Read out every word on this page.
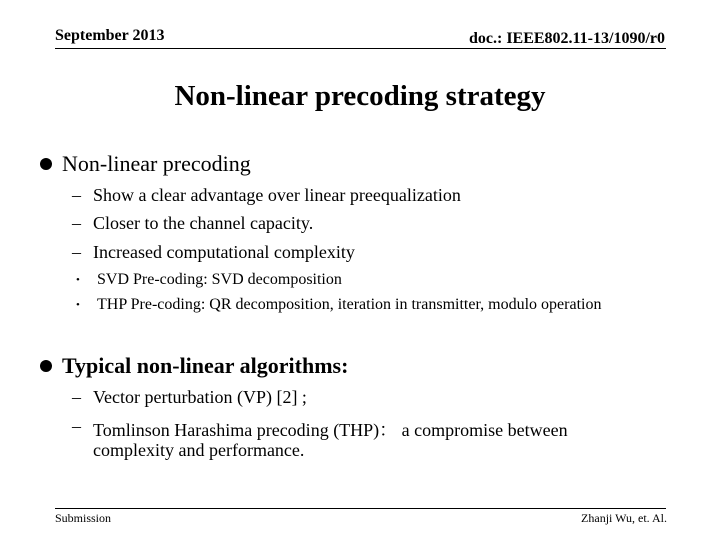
September 2013	doc.: IEEE802.11-13/1090/r0
Non-linear precoding strategy
Non-linear precoding
– Show a clear advantage over linear preequalization
– Closer to the channel capacity.
– Increased computational complexity
•	SVD Pre-coding: SVD decomposition
•	THP Pre-coding: QR decomposition, iteration in transmitter, modulo operation
Typical non-linear algorithms:
– Vector perturbation (VP) [2] ;
– Tomlinson Harashima precoding (THP)： a compromise between
complexity and performance.
Submission	Zhanji Wu, et. Al.
